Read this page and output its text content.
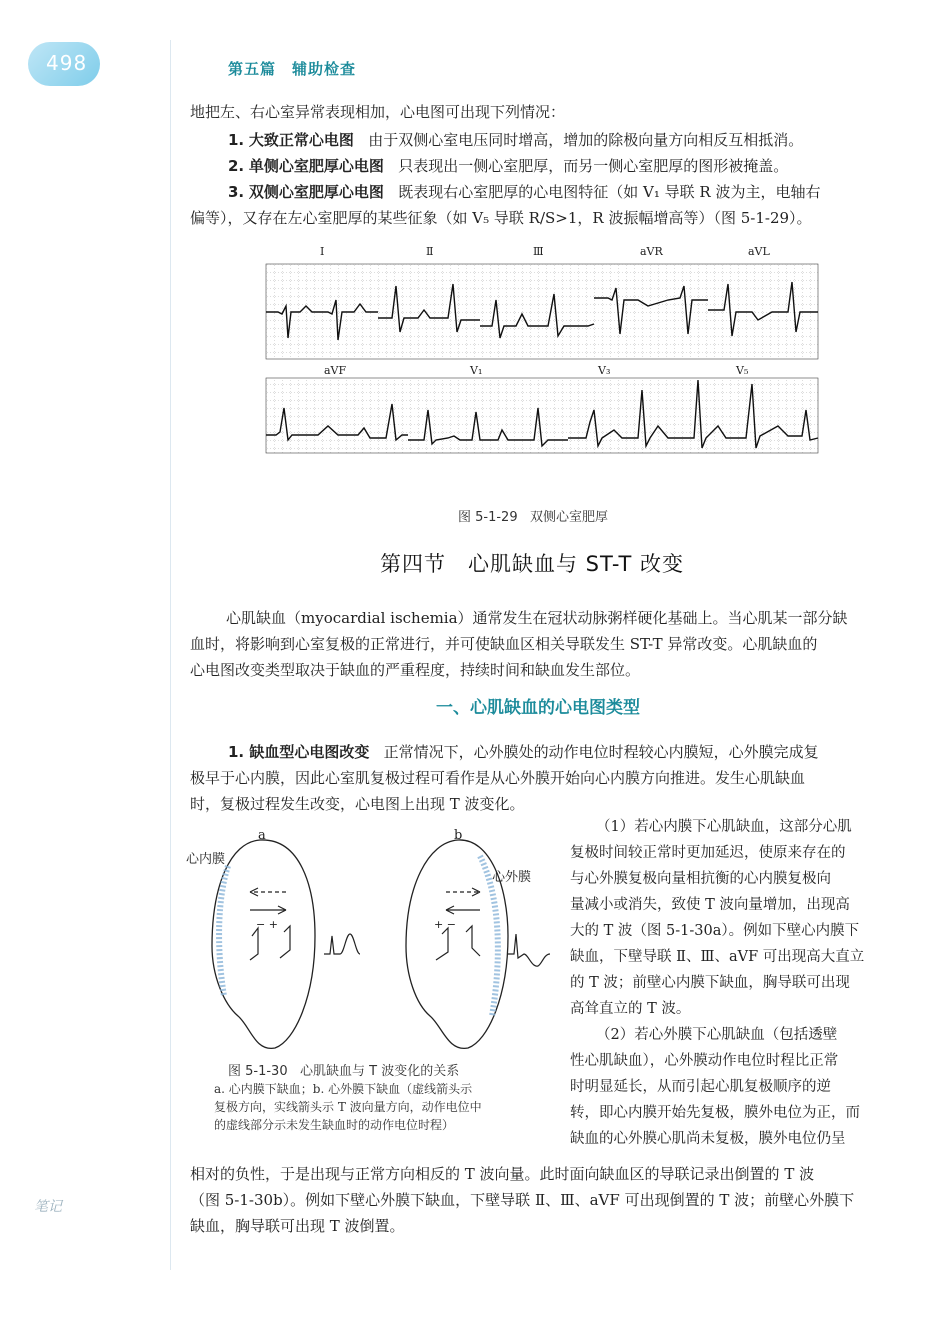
498	第五篇　辅助检查

地把左、右心室异常表现相加，心电图可出现下列情况：

1. 大致正常心电图 由于双侧心室电压同时增高，增加的除极向量方向相反互相抵消。

2. 单侧心室肥厚心电图 只表现出一侧心室肥厚，而另一侧心室肥厚的图形被掩盖。

3. 双侧心室肥厚心电图 既表现右心室肥厚的心电图特征（如 V₁ 导联 R 波为主，电轴右

偏等），又存在左心室肥厚的某些征象（如 V₅ 导联 R/S>1，R 波振幅增高等）（图 5-1-29）。

Ⅰ	Ⅱ	Ⅲ	aVR	aVL
aVF	V₁	V₃	V₅
图 5-1-29 双侧心室肥厚
第四节　心肌缺血与 ST-T 改变

心肌缺血（myocardial ischemia）通常发生在冠状动脉粥样硬化基础上。当心肌某一部分缺

血时，将影响到心室复极的正常进行，并可使缺血区相关导联发生 ST-T 异常改变。心肌缺血的

心电图改变类型取决于缺血的严重程度，持续时间和缺血发生部位。

一、心肌缺血的心电图类型

1. 缺血型心电图改变 正常情况下，心外膜处的动作电位时程较心内膜短，心外膜完成复

极早于心内膜，因此心室肌复极过程可看作是从心外膜开始向心内膜方向推进。发生心肌缺血

时，复极过程发生改变，心电图上出现 T 波变化。

− +	+ −
a	b
心内膜
心外膜
图 5-1-30 心肌缺血与 T 波变化的关系
a. 心内膜下缺血；b. 心外膜下缺血（虚线箭头示
复极方向，实线箭头示 T 波向量方向，动作电位中
的虚线部分示未发生缺血时的动作电位时程）

（1）若心内膜下心肌缺血，这部分心肌

复极时间较正常时更加延迟，使原来存在的

与心外膜复极向量相抗衡的心内膜复极向

量减小或消失，致使 T 波向量增加，出现高

大的 T 波（图 5-1-30a）。例如下壁心内膜下

缺血，下壁导联 Ⅱ、Ⅲ、aVF 可出现高大直立

的 T 波；前壁心内膜下缺血，胸导联可出现

高耸直立的 T 波。

（2）若心外膜下心肌缺血（包括透壁

性心肌缺血），心外膜动作电位时程比正常

时明显延长，从而引起心肌复极顺序的逆

转，即心内膜开始先复极，膜外电位为正，而

缺血的心外膜心肌尚未复极，膜外电位仍呈

相对的负性，于是出现与正常方向相反的 T 波向量。此时面向缺血区的导联记录出倒置的 T 波

（图 5-1-30b）。例如下壁心外膜下缺血，下壁导联 Ⅱ、Ⅲ、aVF 可出现倒置的 T 波；前壁心外膜下

缺血，胸导联可出现 T 波倒置。

笔记
